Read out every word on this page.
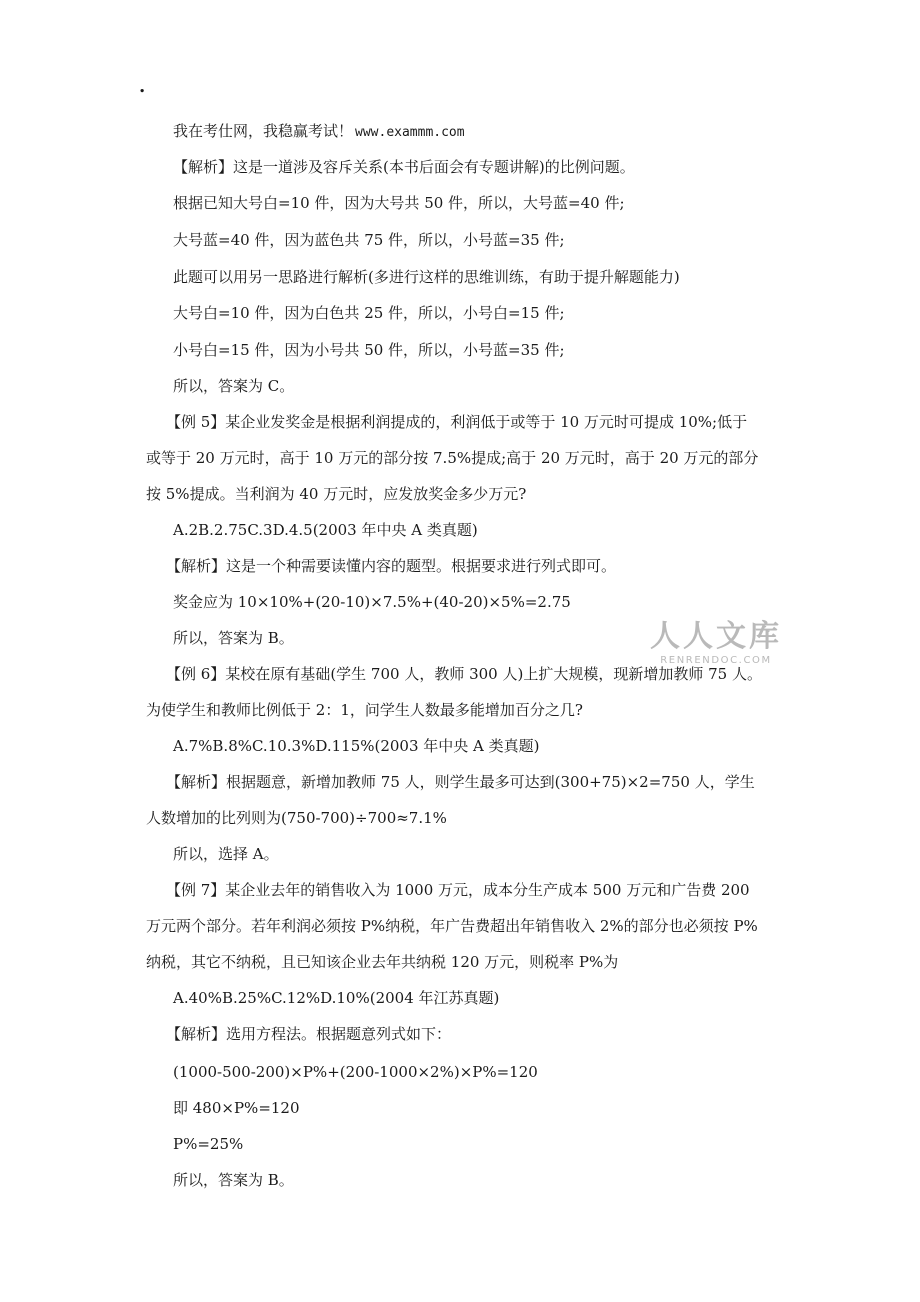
.
我在考仕网，我稳赢考试！ www.exammm.com
【解析】这是一道涉及容斥关系(本书后面会有专题讲解)的比例问题。
根据已知大号白=10 件，因为大号共 50 件，所以，大号蓝=40 件;
大号蓝=40 件，因为蓝色共 75 件，所以，小号蓝=35 件;
此题可以用另一思路进行解析(多进行这样的思维训练，有助于提升解题能力)
大号白=10 件，因为白色共 25 件，所以，小号白=15 件;
小号白=15 件，因为小号共 50 件，所以，小号蓝=35 件;
所以，答案为 C。
【例 5】某企业发奖金是根据利润提成的，利润低于或等于 10 万元时可提成 10%;低于
或等于 20 万元时，高于 10 万元的部分按 7.5%提成;高于 20 万元时，高于 20 万元的部分
按 5%提成。当利润为 40 万元时，应发放奖金多少万元?
A.2B.2.75C.3D.4.5(2003 年中央 A 类真题)
【解析】这是一个种需要读懂内容的题型。根据要求进行列式即可。
奖金应为 10×10%+(20-10)×7.5%+(40-20)×5%=2.75
所以，答案为 B。
【例 6】某校在原有基础(学生 700 人，教师 300 人)上扩大规模，现新增加教师 75 人。
为使学生和教师比例低于 2：1，问学生人数最多能增加百分之几?
A.7%B.8%C.10.3%D.115%(2003 年中央 A 类真题)
【解析】根据题意，新增加教师 75 人，则学生最多可达到(300+75)×2=750 人，学生
人数增加的比列则为(750-700)÷700≈7.1%
所以，选择 A。
【例 7】某企业去年的销售收入为 1000 万元，成本分生产成本 500 万元和广告费 200
万元两个部分。若年利润必须按 P%纳税，年广告费超出年销售收入 2%的部分也必须按 P%
纳税，其它不纳税，且已知该企业去年共纳税 120 万元，则税率 P%为
A.40%B.25%C.12%D.10%(2004 年江苏真题)
【解析】选用方程法。根据题意列式如下：
(1000-500-200)×P%+(200-1000×2%)×P%=120
即 480×P%=120
P%=25%
所以，答案为 B。
人人文库
RENRENDOC.COM
